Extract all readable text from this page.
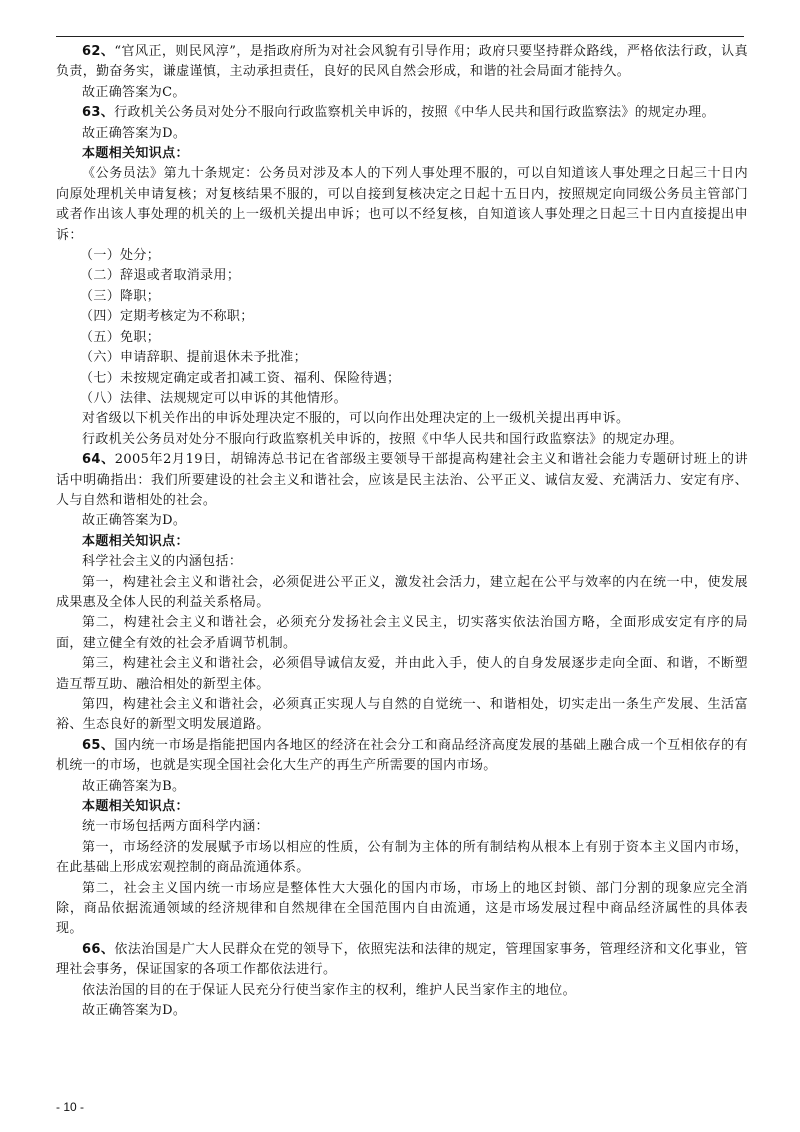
62、“官风正，则民风淳”，是指政府所为对社会风貌有引导作用；政府只要坚持群众路线，严格依法行政，认真负责，勤奋务实，谦虚谨慎，主动承担责任，良好的民风自然会形成，和谐的社会局面才能持久。

故正确答案为C。

63、行政机关公务员对处分不服向行政监察机关申诉的，按照《中华人民共和国行政监察法》的规定办理。

故正确答案为D。

本题相关知识点：

《公务员法》第九十条规定：公务员对涉及本人的下列人事处理不服的，可以自知道该人事处理之日起三十日内向原处理机关申请复核；对复核结果不服的，可以自接到复核决定之日起十五日内，按照规定向同级公务员主管部门或者作出该人事处理的机关的上一级机关提出申诉；也可以不经复核，自知道该人事处理之日起三十日内直接提出申诉：

（一）处分；

（二）辞退或者取消录用；

（三）降职；

（四）定期考核定为不称职；

（五）免职；

（六）申请辞职、提前退休未予批准；

（七）未按规定确定或者扣减工资、福利、保险待遇；

（八）法律、法规规定可以申诉的其他情形。

对省级以下机关作出的申诉处理决定不服的，可以向作出处理决定的上一级机关提出再申诉。

行政机关公务员对处分不服向行政监察机关申诉的，按照《中华人民共和国行政监察法》的规定办理。

64、2005年2月19日，胡锦涛总书记在省部级主要领导干部提高构建社会主义和谐社会能力专题研讨班上的讲话中明确指出：我们所要建设的社会主义和谐社会，应该是民主法治、公平正义、诚信友爱、充满活力、安定有序、人与自然和谐相处的社会。

故正确答案为D。

本题相关知识点：

科学社会主义的内涵包括：

第一，构建社会主义和谐社会，必须促进公平正义，激发社会活力，建立起在公平与效率的内在统一中，使发展成果惠及全体人民的利益关系格局。

第二，构建社会主义和谐社会，必须充分发扬社会主义民主，切实落实依法治国方略，全面形成安定有序的局面，建立健全有效的社会矛盾调节机制。

第三，构建社会主义和谐社会，必须倡导诚信友爱，并由此入手，使人的自身发展逐步走向全面、和谐，不断塑造互帮互助、融洽相处的新型主体。

第四，构建社会主义和谐社会，必须真正实现人与自然的自觉统一、和谐相处，切实走出一条生产发展、生活富裕、生态良好的新型文明发展道路。

65、国内统一市场是指能把国内各地区的经济在社会分工和商品经济高度发展的基础上融合成一个互相依存的有机统一的市场，也就是实现全国社会化大生产的再生产所需要的国内市场。

故正确答案为B。

本题相关知识点：

统一市场包括两方面科学内涵：

第一，市场经济的发展赋予市场以相应的性质，公有制为主体的所有制结构从根本上有别于资本主义国内市场，在此基础上形成宏观控制的商品流通体系。

第二，社会主义国内统一市场应是整体性大大强化的国内市场，市场上的地区封锁、部门分割的现象应完全消除，商品依据流通领域的经济规律和自然规律在全国范围内自由流通，这是市场发展过程中商品经济属性的具体表现。

66、依法治国是广大人民群众在党的领导下，依照宪法和法律的规定，管理国家事务，管理经济和文化事业，管理社会事务，保证国家的各项工作都依法进行。

依法治国的目的在于保证人民充分行使当家作主的权利，维护人民当家作主的地位。

故正确答案为D。

- 10 -
